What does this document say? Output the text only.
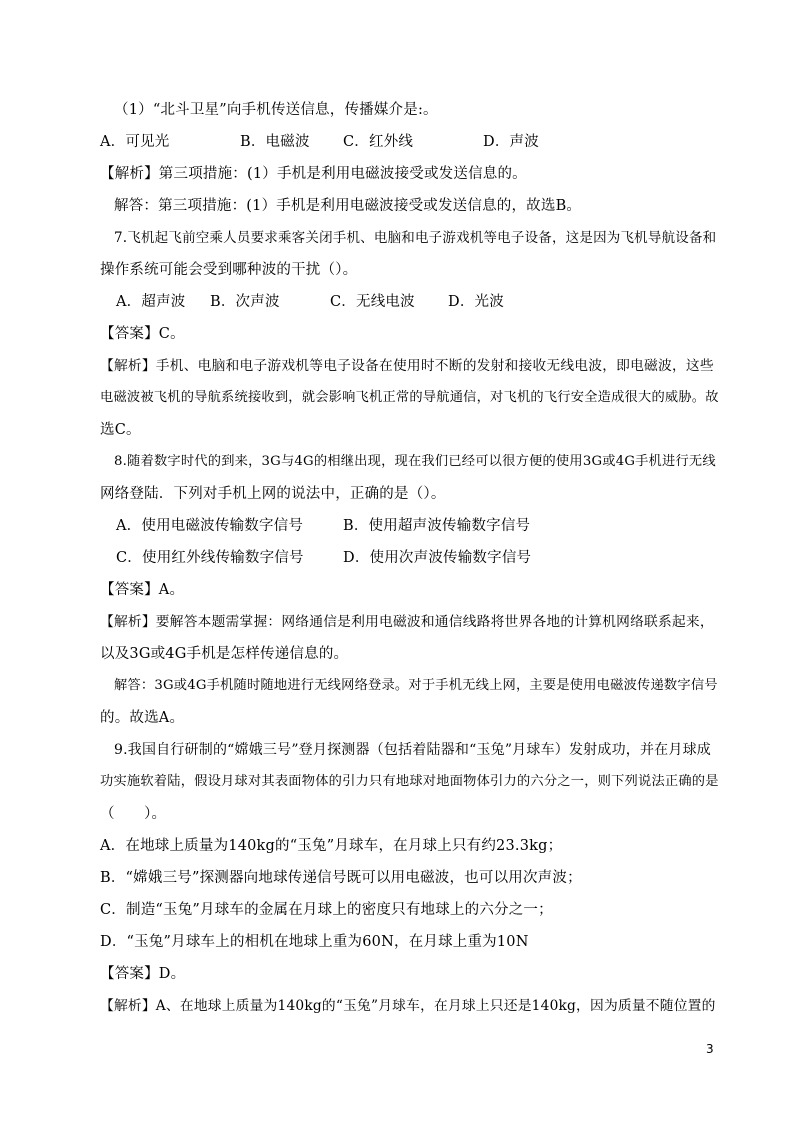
（1）“北斗卫星”向手机传送信息，传播媒介是:。
A．可见光	B．电磁波 C．红外线	D．声波
【解析】第三项措施：(1）手机是利用电磁波接受或发送信息的。
解答：第三项措施：(1）手机是利用电磁波接受或发送信息的，故选B。
7.飞机起飞前空乘人员要求乘客关闭手机、电脑和电子游戏机等电子设备，这是因为飞机导航设备和
操作系统可能会受到哪种波的干扰（）。
A．超声波 B．次声波	C．无线电波 D．光波
【答案】C。
【解析】手机、电脑和电子游戏机等电子设备在使用时不断的发射和接收无线电波，即电磁波，这些
电磁波被飞机的导航系统接收到，就会影响飞机正常的导航通信，对飞机的飞行安全造成很大的威胁。故
选C。
8.随着数字时代的到来，3G与4G的相继出现，现在我们已经可以很方便的使用3G或4G手机进行无线
网络登陆．下列对手机上网的说法中，正确的是（）。
A．使用电磁波传输数字信号	B．使用超声波传输数字信号
C．使用红外线传输数字信号	D．使用次声波传输数字信号
【答案】A。
【解析】要解答本题需掌握：网络通信是利用电磁波和通信线路将世界各地的计算机网络联系起来，
以及3G或4G手机是怎样传递信息的。
解答：3G或4G手机随时随地进行无线网络登录。对于手机无线上网，主要是使用电磁波传递数字信号
的。故选A。
9.我国自行研制的“嫦娥三号”登月探测器（包括着陆器和“玉兔”月球车）发射成功，并在月球成
功实施软着陆，假设月球对其表面物体的引力只有地球对地面物体引力的六分之一，则下列说法正确的是
（　　）。
A．在地球上质量为140kg的“玉兔”月球车，在月球上只有约23.3kg；
B．“嫦娥三号”探测器向地球传递信号既可以用电磁波，也可以用次声波；
C．制造“玉兔”月球车的金属在月球上的密度只有地球上的六分之一；
D．“玉兔”月球车上的相机在地球上重为60N，在月球上重为10N
【答案】D。
【解析】A、在地球上质量为140kg的“玉兔”月球车，在月球上只还是140kg，因为质量不随位置的
3
